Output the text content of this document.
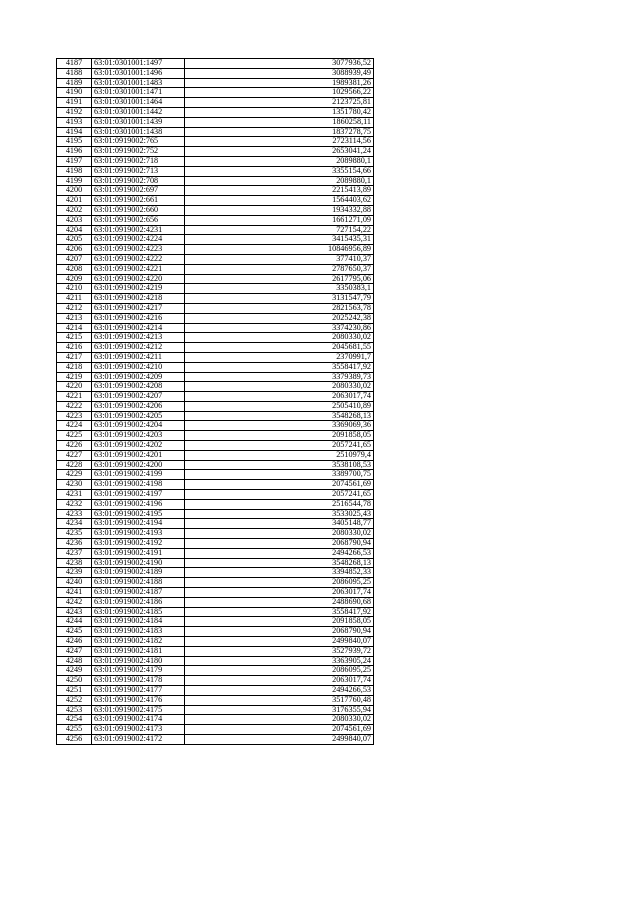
4187	63:01:0301001:1497	3077936,52
4188	63:01:0301001:1496	3088939,49
4189	63:01:0301001:1483	1989381,26
4190	63:01:0301001:1471	1029566,22
4191	63:01:0301001:1464	2123725,81
4192	63:01:0301001:1442	1351780,42
4193	63:01:0301001:1439	1860258,11
4194	63:01:0301001:1438	1837278,75
4195	63:01:0919002:765	2723114,56
4196	63:01:0919002:752	2653041,24
4197	63:01:0919002:718	2089880,1
4198	63:01:0919002:713	3355154,66
4199	63:01:0919002:708	2089880,1
4200	63:01:0919002:697	2215413,89
4201	63:01:0919002:661	1564403,62
4202	63:01:0919002:660	1934332,88
4203	63:01:0919002:656	1661271,09
4204	63:01:0919002:4231	727154,22
4205	63:01:0919002:4224	3415435,31
4206	63:01:0919002:4223	10846956,89
4207	63:01:0919002:4222	377410,37
4208	63:01:0919002:4221	2787650,37
4209	63:01:0919002:4220	2617795,06
4210	63:01:0919002:4219	3350383,1
4211	63:01:0919002:4218	3131547,79
4212	63:01:0919002:4217	2821563,78
4213	63:01:0919002:4216	2025242,38
4214	63:01:0919002:4214	3374230,86
4215	63:01:0919002:4213	2080330,02
4216	63:01:0919002:4212	2045681,55
4217	63:01:0919002:4211	2370991,7
4218	63:01:0919002:4210	3558417,92
4219	63:01:0919002:4209	3379389,73
4220	63:01:0919002:4208	2080330,02
4221	63:01:0919002:4207	2063017,74
4222	63:01:0919002:4206	2505410,89
4223	63:01:0919002:4205	3548268,13
4224	63:01:0919002:4204	3369069,36
4225	63:01:0919002:4203	2091858,05
4226	63:01:0919002:4202	2057241,65
4227	63:01:0919002:4201	2510979,4
4228	63:01:0919002:4200	3538108,53
4229	63:01:0919002:4199	3389700,75
4230	63:01:0919002:4198	2074561,69
4231	63:01:0919002:4197	2057241,65
4232	63:01:0919002:4196	2516544,78
4233	63:01:0919002:4195	3533025,43
4234	63:01:0919002:4194	3405148,77
4235	63:01:0919002:4193	2080330,02
4236	63:01:0919002:4192	2068790,94
4237	63:01:0919002:4191	2494266,53
4238	63:01:0919002:4190	3548268,13
4239	63:01:0919002:4189	3394852,33
4240	63:01:0919002:4188	2086095,25
4241	63:01:0919002:4187	2063017,74
4242	63:01:0919002:4186	2488690,68
4243	63:01:0919002:4185	3558417,92
4244	63:01:0919002:4184	2091858,05
4245	63:01:0919002:4183	2068790,94
4246	63:01:0919002:4182	2499840,07
4247	63:01:0919002:4181	3527939,72
4248	63:01:0919002:4180	3363905,24
4249	63:01:0919002:4179	2086095,25
4250	63:01:0919002:4178	2063017,74
4251	63:01:0919002:4177	2494266,53
4252	63:01:0919002:4176	3517760,48
4253	63:01:0919002:4175	3176355,94
4254	63:01:0919002:4174	2080330,02
4255	63:01:0919002:4173	2074561,69
4256	63:01:0919002:4172	2499840,07
